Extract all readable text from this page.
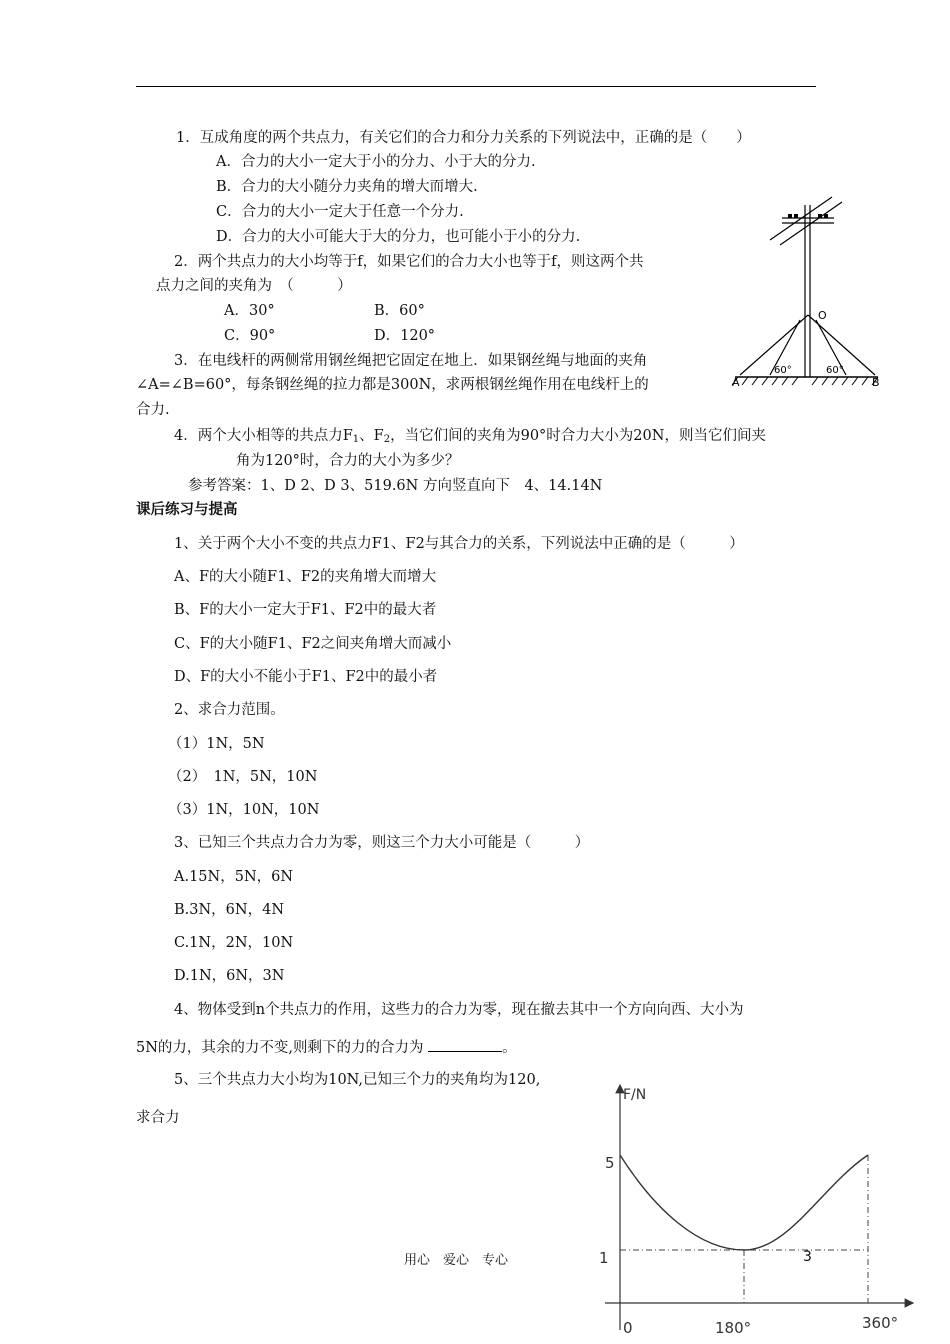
1．互成角度的两个共点力，有关它们的合力和分力关系的下列说法中，正确的是（　　）
A．合力的大小一定大于小的分力、小于大的分力.
B．合力的大小随分力夹角的增大而增大.
C．合力的大小一定大于任意一个分力.
D．合力的大小可能大于大的分力，也可能小于小的分力.
2．两个共点力的大小均等于f，如果它们的合力大小也等于f，则这两个共
点力之间的夹角为　（　　　）
A．30°	B．60°
C．90°	D．120°
3．在电线杆的两侧常用钢丝绳把它固定在地上．如果钢丝绳与地面的夹角
∠A=∠B=60°，每条钢丝绳的拉力都是300N，求两根钢丝绳作用在电线杆上的
合力.
4．两个大小相等的共点力$F_1$、$F_2$，当它们间的夹角为90°时合力大小为20N，则当它们间夹
角为120°时，合力的大小为多少？
参考答案：1、D 2、D 3、519.6N 方向竖直向下　4、14.14N
O
A	B
60°	60°
课后练习与提高
1、关于两个大小不变的共点力F1、F2与其合力的关系，下列说法中正确的是（　　　）
A、F的大小随F1、F2的夹角增大而增大
B、F的大小一定大于F1、F2中的最大者
C、F的大小随F1、F2之间夹角增大而减小
D、F的大小不能小于F1、F2中的最小者
2、求合力范围。
（1）1N，5N
（2）　1N，5N，10N
（3）1N，10N，10N
3、已知三个共点力合力为零，则这三个力大小可能是（　　　）
A.15N，5N，6N
B.3N，6N，4N
C.1N，2N，10N
D.1N，6N，3N
4、物体受到n个共点力的作用，这些力的合力为零，现在撤去其中一个方向向西、大小为
5N的力，其余的力不变,则剩下的力的合力为	。
5、三个共点力大小均为10N,已知三个力的夹角均为120,
求合力
F/N
5
1
0	180°	360°
用心　爱心　专心	3
